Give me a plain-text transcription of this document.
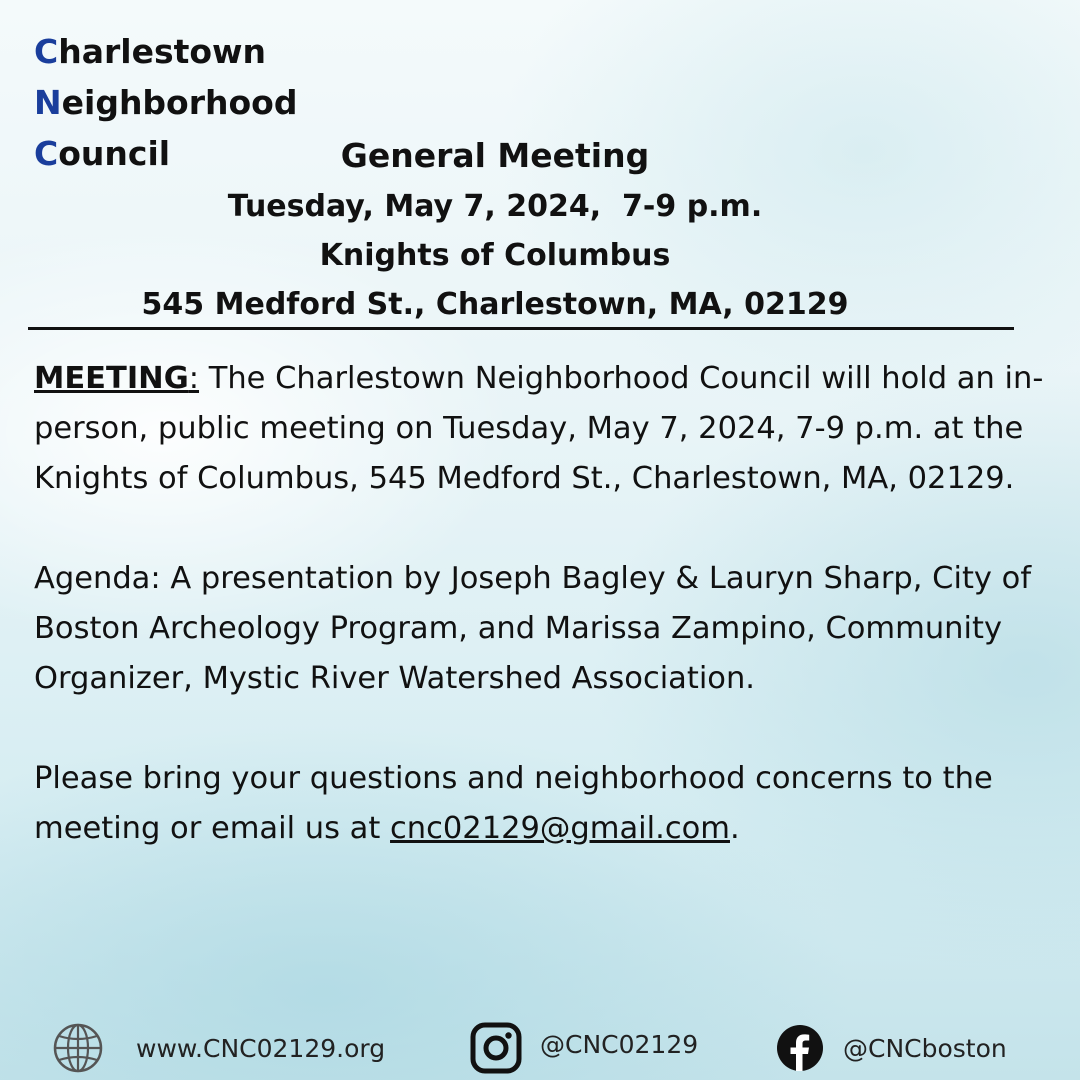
Charlestown
Neighborhood
Council	General Meeting
Tuesday, May 7, 2024,  7-9 p.m.
Knights of Columbus
545 Medford St., Charlestown, MA, 02129

MEETING: The Charlestown Neighborhood Council will hold an in-person, public meeting on Tuesday, May 7, 2024, 7-9 p.m. at the Knights of Columbus, 545 Medford St., Charlestown, MA, 02129.

Agenda: A presentation by Joseph Bagley & Lauryn Sharp, City of Boston Archeology Program, and Marissa Zampino, Community Organizer, Mystic River Watershed Association.

Please bring your questions and neighborhood concerns to the meeting or email us at cnc02129@gmail.com.

www.CNC02129.org	@CNC02129	@CNCboston
